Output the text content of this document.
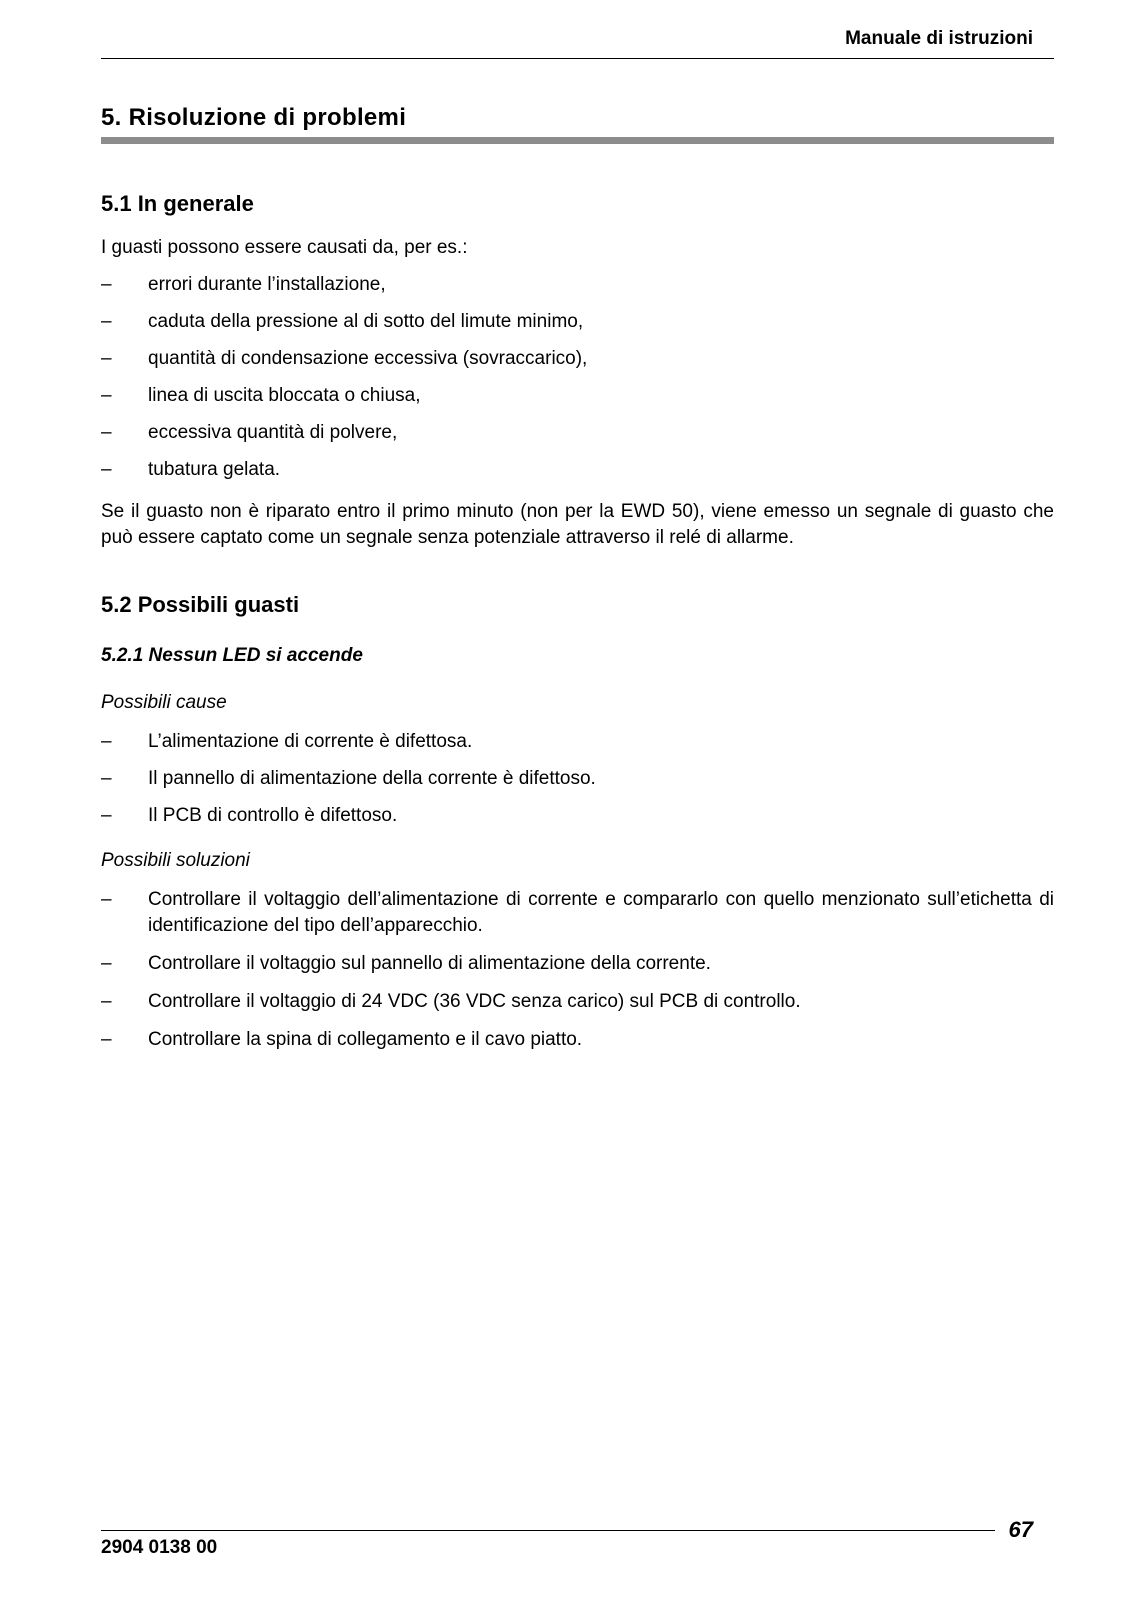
Manuale di istruzioni
5. Risoluzione di problemi
5.1 In generale

I guasti possono essere causati da, per es.:

– errori durante l’installazione,
– caduta della pressione al di sotto del limute minimo,
– quantità di condensazione eccessiva (sovraccarico),
– linea di uscita bloccata o chiusa,
– eccessiva quantità di polvere,
– tubatura gelata.

Se il guasto non è riparato entro il primo minuto (non per la EWD 50), viene emesso un segnale di guasto che può essere captato come un segnale senza potenziale attraverso il relé di allarme.

5.2 Possibili guasti
5.2.1 Nessun LED si accende

Possibili cause

– L’alimentazione di corrente è difettosa.
– Il pannello di alimentazione della corrente è difettoso.
– Il PCB di controllo è difettoso.

Possibili soluzioni

– Controllare il voltaggio dell’alimentazione di corrente e compararlo con quello menzionato sull’etichetta di identificazione del tipo dell’apparecchio.
– Controllare il voltaggio sul pannello di alimentazione della corrente.
– Controllare il voltaggio di 24 VDC (36 VDC senza carico) sul PCB di controllo.
– Controllare la spina di collegamento e il cavo piatto.
2904 0138 00
67
